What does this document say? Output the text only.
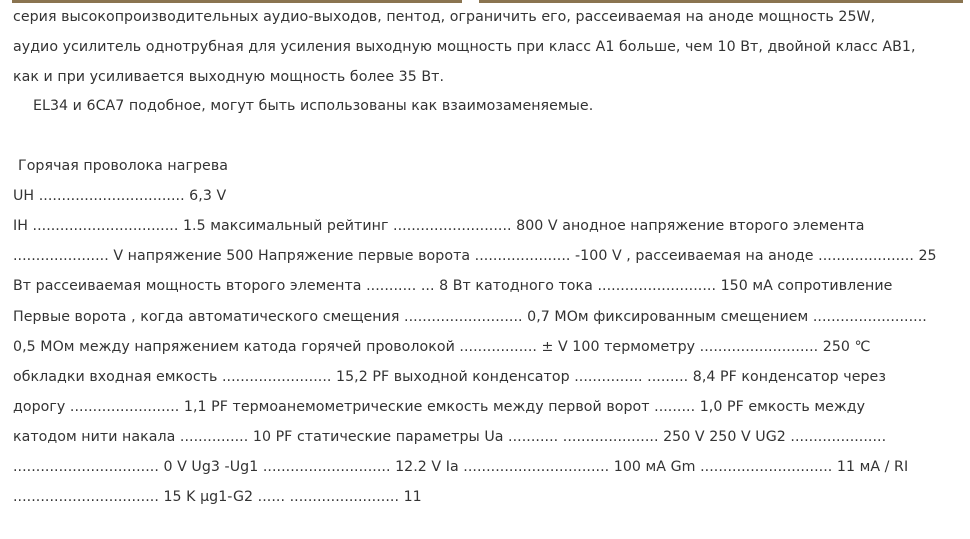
серия высокопроизводительных аудио-выходов, пентод, ограничить его, рассеиваемая на аноде мощность 25W,
аудио усилитель однотрубная для усиления выходную мощность при класс A1 больше, чем 10 Вт, двойной класс AB1,
как и при усиливается выходную мощность более 35 Вт.
EL34 и 6CA7 подобное, могут быть использованы как взаимозаменяемые.
Горячая проволока нагрева
UH ................................ 6,3 V
IH ................................ 1.5 максимальный рейтинг .......................... 800 V анодное напряжение второго элемента
..................... V напряжение 500 Напряжение первые ворота ..................... -100 V , рассеиваемая на аноде ..................... 25
Вт рассеиваемая мощность второго элемента ........... ... 8 Вт катодного тока .......................... 150 мА сопротивление
Первые ворота , когда автоматического смещения .......................... 0,7 МОм фиксированным смещением .........................
0,5 МОм между напряжением катода горячей проволокой ................. ± V 100 термометру .......................... 250 ℃
обкладки входная емкость ........................ 15,2 PF выходной конденсатор ............... ......... 8,4 PF конденсатор через
дорогу ........................ 1,1 PF термоанемометрические емкость между первой ворот ......... 1,0 PF емкость между
катодом нити накала ............... 10 PF статические параметры Ua ........... ..................... 250 V 250 V UG2 .....................
................................ 0 V Ug3 -Ug1 ............................ 12.2 V Ia ................................ 100 мА Gm ............................. 11 мА / RI
................................ 15 K μg1-G2 ...... ........................ 11
